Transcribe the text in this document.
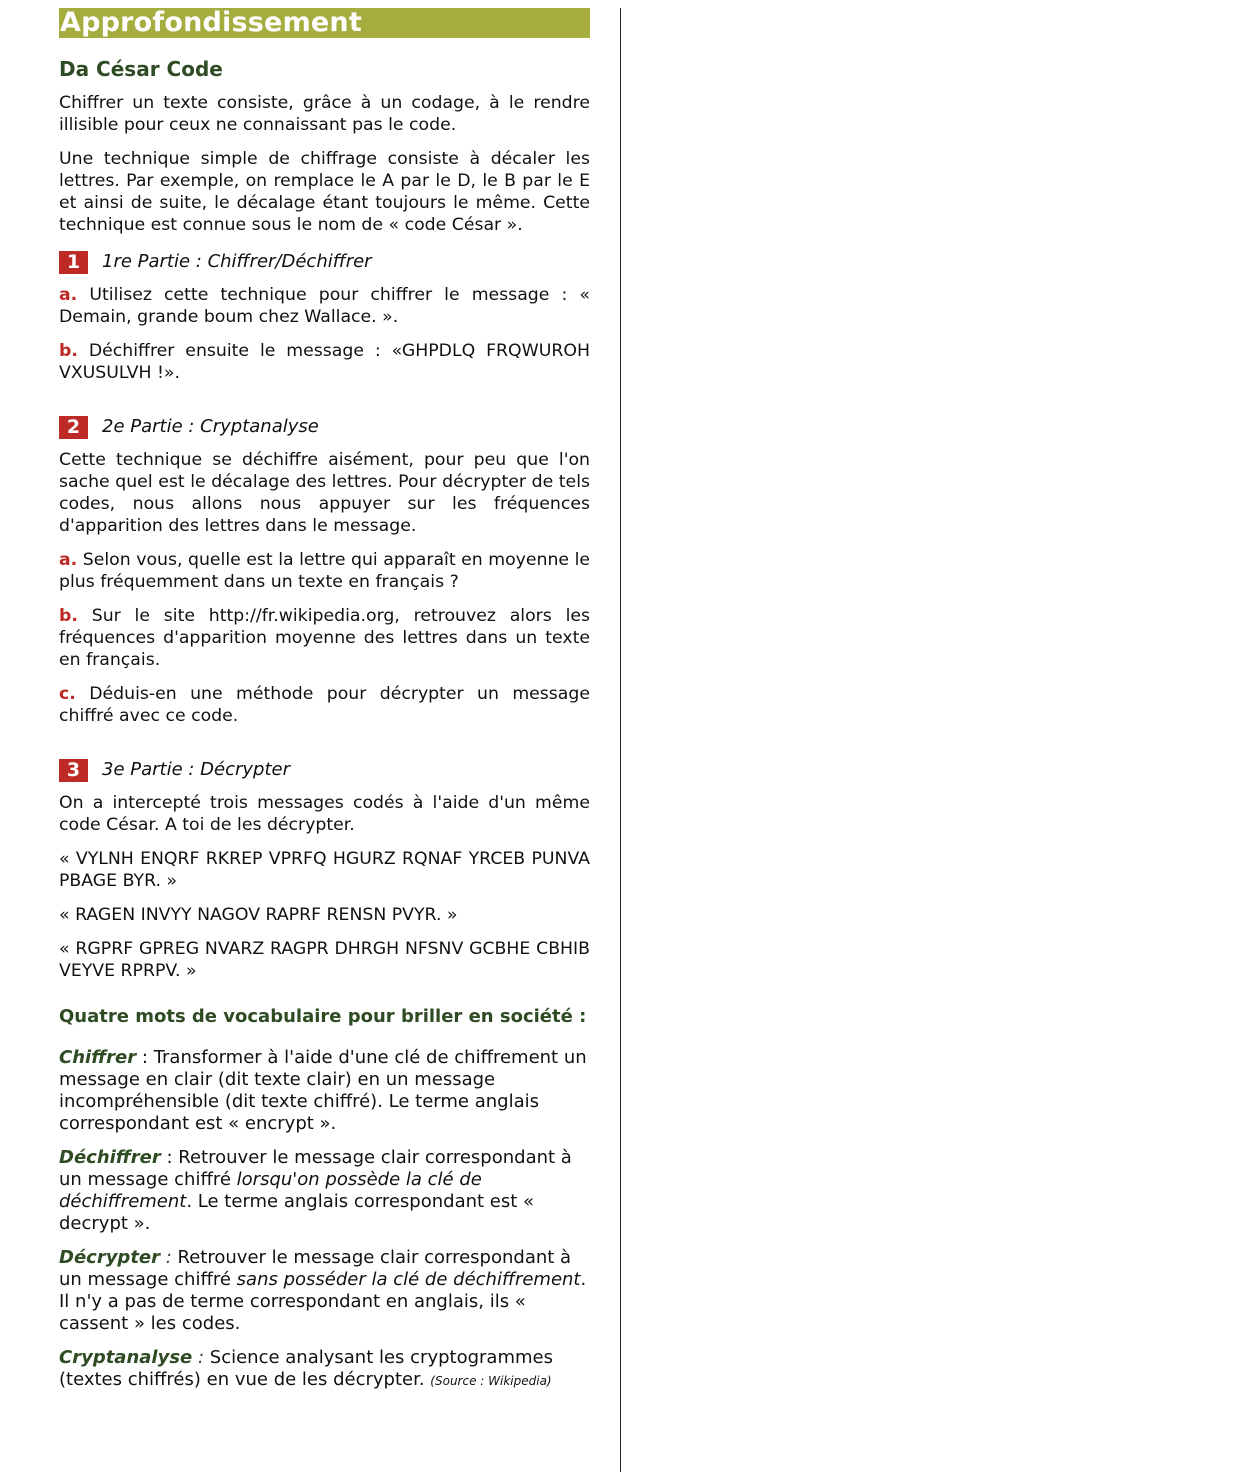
Approfondissement
Da César Code

Chiffrer un texte consiste, grâce à un codage, à le rendre illisible pour ceux ne connaissant pas le code.

Une technique simple de chiffrage consiste à décaler les lettres. Par exemple, on remplace le A par le D, le B par le E et ainsi de suite, le décalage étant toujours le même. Cette technique est connue sous le nom de « code César ».

1	1re Partie : Chiffrer/Déchiffrer

a. Utilisez cette technique pour chiffrer le message : « Demain, grande boum chez Wallace. ».

b. Déchiffrer ensuite le message : «GHPDLQ FRQWUROH VXUSULVH !».

2	2e Partie : Cryptanalyse

Cette technique se déchiffre aisément, pour peu que l'on sache quel est le décalage des lettres. Pour décrypter de tels codes, nous allons nous appuyer sur les fréquences d'apparition des lettres dans le message.

a. Selon vous, quelle est la lettre qui apparaît en moyenne le plus fréquemment dans un texte en français ?

b. Sur le site http://fr.wikipedia.org, retrouvez alors les fréquences d'apparition moyenne des lettres dans un texte en français.

c. Déduis-en une méthode pour décrypter un message chiffré avec ce code.

3	3e Partie : Décrypter

On a intercepté trois messages codés à l'aide d'un même code César. A toi de les décrypter.

« VYLNH ENQRF RKREP VPRFQ HGURZ RQNAF YRCEB PUNVA PBAGE BYR. »

« RAGEN INVYY NAGOV RAPRF RENSN PVYR. »

« RGPRF GPREG NVARZ RAGPR DHRGH NFSNV GCBHE CBHIB VEYVE RPRPV. »

Quatre mots de vocabulaire pour briller en société :

Chiffrer : Transformer à l'aide d'une clé de chiffrement un message en clair (dit texte clair) en un message incompréhensible (dit texte chiffré). Le terme anglais correspondant est « encrypt ».

Déchiffrer : Retrouver le message clair correspondant à un message chiffré lorsqu'on possède la clé de déchiffrement. Le terme anglais correspondant est « decrypt ».

Décrypter : Retrouver le message clair correspondant à un message chiffré sans posséder la clé de déchiffrement. Il n'y a pas de terme correspondant en anglais, ils « cassent » les codes.

Cryptanalyse : Science analysant les cryptogrammes (textes chiffrés) en vue de les décrypter. (Source : Wikipedia)
